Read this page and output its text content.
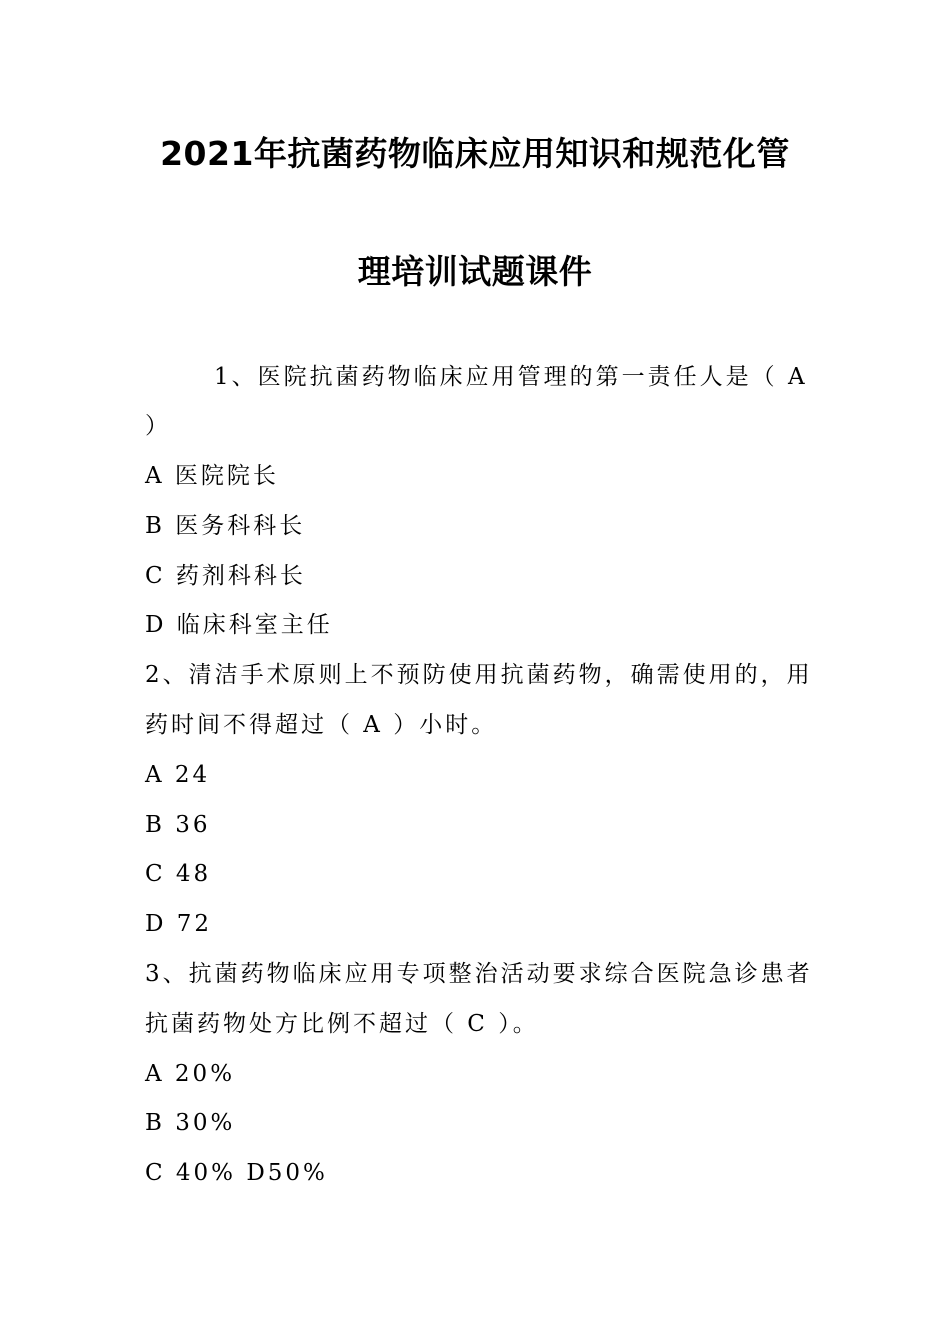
2021年抗菌药物临床应用知识和规范化管
理培训试题课件

1、医院抗菌药物临床应用管理的第一责任人是（ A

）

A 医院院长

B 医务科科长

C 药剂科科长

D 临床科室主任

2、清洁手术原则上不预防使用抗菌药物，确需使用的，用

药时间不得超过（ A ）小时。

A 24

B 36

C 48

D 72

3、抗菌药物临床应用专项整治活动要求综合医院急诊患者

抗菌药物处方比例不超过（ C ）。

A 20%

B 30%

C 40% D50%
